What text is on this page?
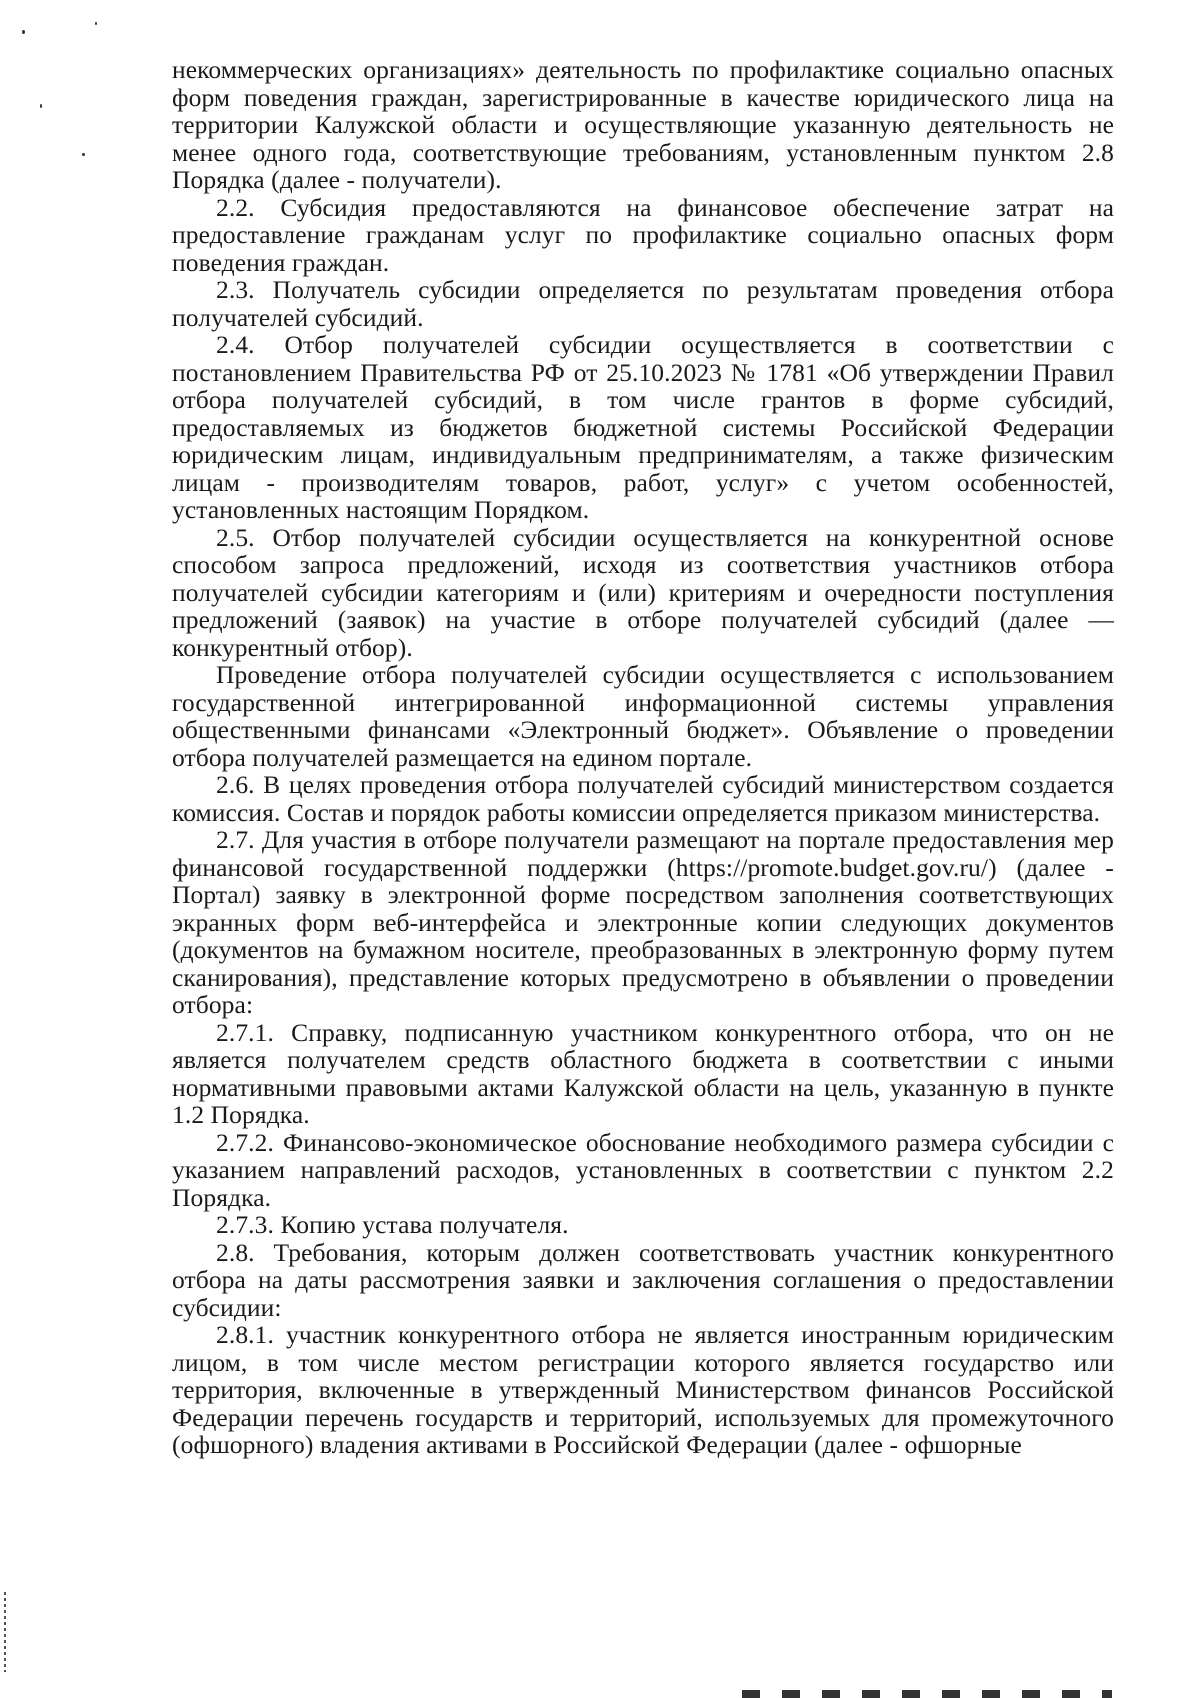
некоммерческих организациях» деятельность по профилактике социально опасных форм поведения граждан, зарегистрированные в качестве юридического лица на территории Калужской области и осуществляющие указанную деятельность не менее одного года, соответствующие требованиям, установленным пунктом 2.8 Порядка (далее - получатели).

2.2. Субсидия предоставляются на финансовое обеспечение затрат на предоставление гражданам услуг по профилактике социально опасных форм поведения граждан.

2.3. Получатель субсидии определяется по результатам проведения отбора получателей субсидий.

2.4. Отбор получателей субсидии осуществляется в соответствии с постановлением Правительства РФ от 25.10.2023 № 1781 «Об утверждении Правил отбора получателей субсидий, в том числе грантов в форме субсидий, предоставляемых из бюджетов бюджетной системы Российской Федерации юридическим лицам, индивидуальным предпринимателям, а также физическим лицам - производителям товаров, работ, услуг» с учетом особенностей, установленных настоящим Порядком.

2.5. Отбор получателей субсидии осуществляется на конкурентной основе способом запроса предложений, исходя из соответствия участников отбора получателей субсидии категориям и (или) критериям и очередности поступления предложений (заявок) на участие в отборе получателей субсидий (далее — конкурентный отбор).

Проведение отбора получателей субсидии осуществляется с использованием государственной интегрированной информационной системы управления общественными финансами «Электронный бюджет». Объявление о проведении отбора получателей размещается на едином портале.

2.6. В целях проведения отбора получателей субсидий министерством создается комиссия. Состав и порядок работы комиссии определяется приказом министерства.

2.7. Для участия в отборе получатели размещают на портале предоставления мер финансовой государственной поддержки (https://promote.budget.gov.ru/) (далее - Портал) заявку в электронной форме посредством заполнения соответствующих экранных форм веб-интерфейса и электронные копии следующих документов (документов на бумажном носителе, преобразованных в электронную форму путем сканирования), представление которых предусмотрено в объявлении о проведении отбора:

2.7.1. Справку, подписанную участником конкурентного отбора, что он не является получателем средств областного бюджета в соответствии с иными нормативными правовыми актами Калужской области на цель, указанную в пункте 1.2 Порядка.

2.7.2. Финансово-экономическое обоснование необходимого размера субсидии с указанием направлений расходов, установленных в соответствии с пунктом 2.2 Порядка.

2.7.3. Копию устава получателя.

2.8. Требования, которым должен соответствовать участник конкурентного отбора на даты рассмотрения заявки и заключения соглашения о предоставлении субсидии:

2.8.1. участник конкурентного отбора не является иностранным юридическим лицом, в том числе местом регистрации которого является государство или территория, включенные в утвержденный Министерством финансов Российской Федерации перечень государств и территорий, используемых для промежуточного (офшорного) владения активами в Российской Федерации (далее - офшорные
